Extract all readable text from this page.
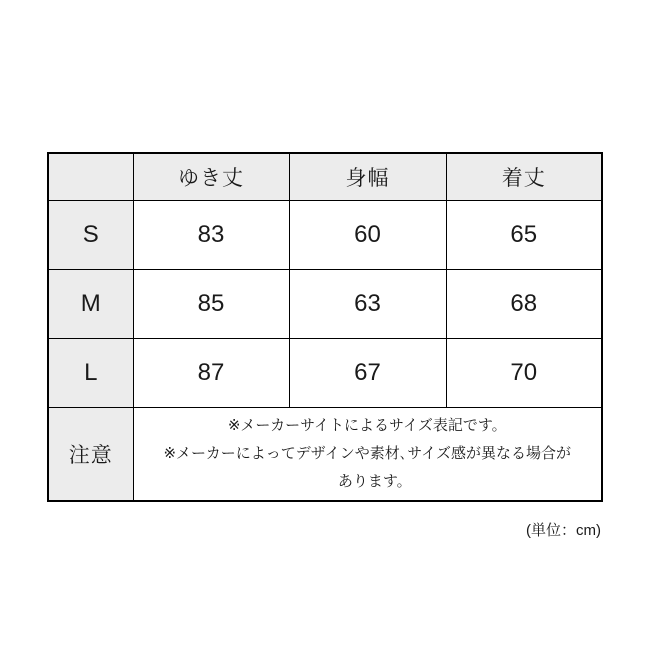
	ゆき丈	身幅	着丈
S	83	60	65
M	85	63	68
L	87	67	70
注意	※メーカーサイトによるサイズ表記です。
※メーカーによってデザインや素材､サイズ感が異なる場合が
あります。		
(単位：cm)
